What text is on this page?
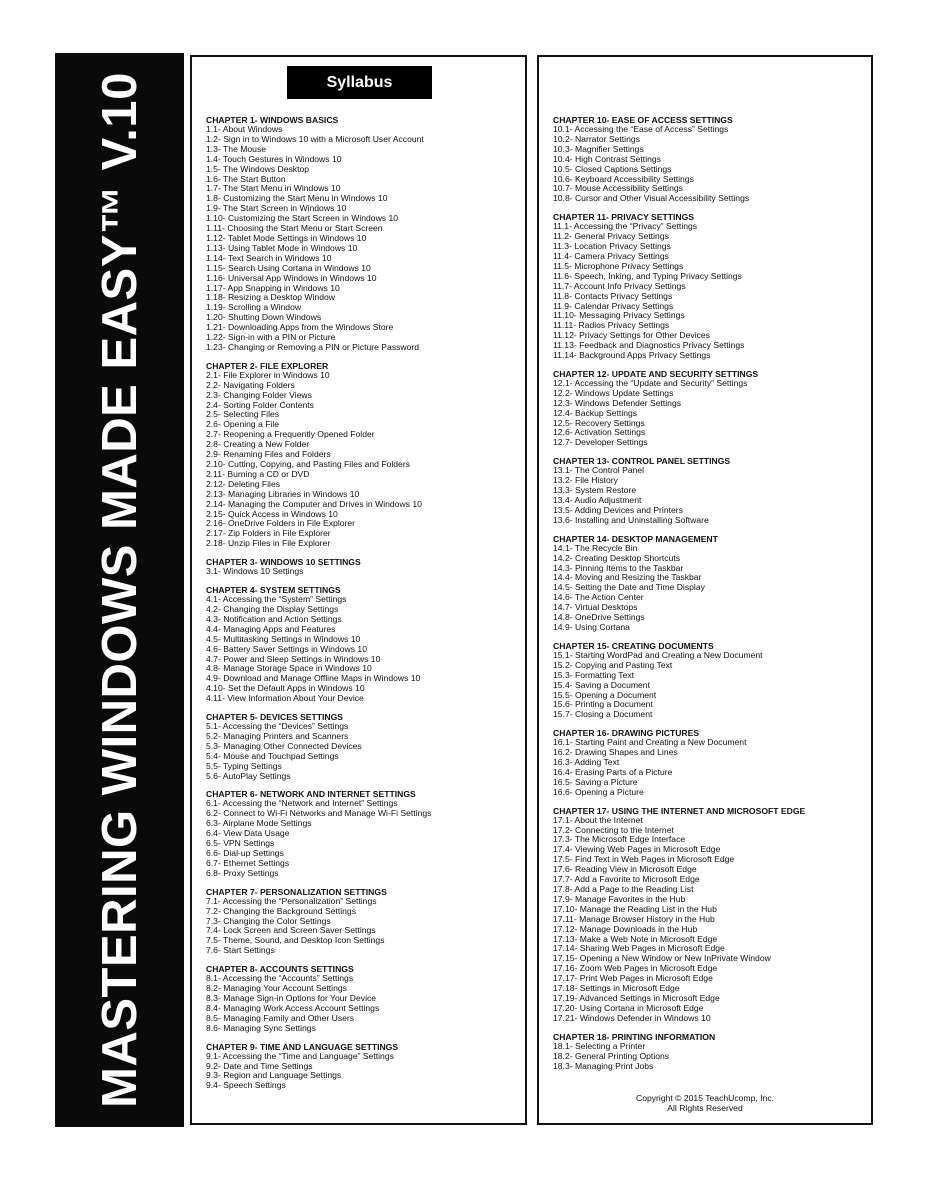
MASTERING WINDOWS MADE EASY™ V.10	Syllabus
CHAPTER 1- WINDOWS BASICS
1.1- About Windows
1.2- Sign in to Windows 10 with a Microsoft User Account
1.3- The Mouse
1.4- Touch Gestures in Windows 10
1.5- The Windows Desktop
1.6- The Start Button
1.7- The Start Menu in Windows 10
1.8- Customizing the Start Menu in Windows 10
1.9- The Start Screen in Windows 10
1.10- Customizing the Start Screen in Windows 10
1.11- Choosing the Start Menu or Start Screen
1.12- Tablet Mode Settings in Windows 10
1.13- Using Tablet Mode in Windows 10
1.14- Text Search in Windows 10
1.15- Search Using Cortana in Windows 10
1.16- Universal App Windows in Windows 10
1.17- App Snapping in Windows 10
1.18- Resizing a Desktop Window
1.19- Scrolling a Window
1.20- Shutting Down Windows
1.21- Downloading Apps from the Windows Store
1.22- Sign-in with a PIN or Picture
1.23- Changing or Removing a PIN or Picture Password
CHAPTER 2- FILE EXPLORER
2.1- File Explorer in Windows 10
2.2- Navigating Folders
2.3- Changing Folder Views
2.4- Sorting Folder Contents
2.5- Selecting Files
2.6- Opening a File
2.7- Reopening a Frequently Opened Folder
2.8- Creating a New Folder
2.9- Renaming Files and Folders
2.10- Cutting, Copying, and Pasting Files and Folders
2.11- Burning a CD or DVD
2.12- Deleting Files
2.13- Managing Libraries in Windows 10
2.14- Managing the Computer and Drives in Windows 10
2.15- Quick Access in Windows 10
2.16- OneDrive Folders in File Explorer
2.17- Zip Folders in File Explorer
2.18- Unzip Files in File Explorer
CHAPTER 3- WINDOWS 10 SETTINGS
3.1- Windows 10 Settings
CHAPTER 4- SYSTEM SETTINGS
4.1- Accessing the “System” Settings
4.2- Changing the Display Settings
4.3- Notification and Action Settings
4.4- Managing Apps and Features
4.5- Multitasking Settings in Windows 10
4.6- Battery Saver Settings in Windows 10
4.7- Power and Sleep Settings in Windows 10
4.8- Manage Storage Space in Windows 10
4.9- Download and Manage Offline Maps in Windows 10
4.10- Set the Default Apps in Windows 10
4.11- View Information About Your Device
CHAPTER 5- DEVICES SETTINGS
5.1- Accessing the “Devices” Settings
5.2- Managing Printers and Scanners
5.3- Managing Other Connected Devices
5.4- Mouse and Touchpad Settings
5.5- Typing Settings
5.6- AutoPlay Settings
CHAPTER 6- NETWORK AND INTERNET SETTINGS
6.1- Accessing the “Network and Internet” Settings
6.2- Connect to Wi-Fi Networks and Manage Wi-Fi Settings
6.3- Airplane Mode Settings
6.4- View Data Usage
6.5- VPN Settings
6.6- Dial-up Settings
6.7- Ethernet Settings
6.8- Proxy Settings
CHAPTER 7- PERSONALIZATION SETTINGS
7.1- Accessing the “Personalization” Settings
7.2- Changing the Background Settings
7.3- Changing the Color Settings
7.4- Lock Screen and Screen Saver Settings
7.5- Theme, Sound, and Desktop Icon Settings
7.6- Start Settings
CHAPTER 8- ACCOUNTS SETTINGS
8.1- Accessing the “Accounts” Settings
8.2- Managing Your Account Settings
8.3- Manage Sign-in Options for Your Device
8.4- Managing Work Access Account Settings
8.5- Managing Family and Other Users
8.6- Managing Sync Settings
CHAPTER 9- TIME AND LANGUAGE SETTINGS
9.1- Accessing the “Time and Language” Settings
9.2- Date and Time Settings
9.3- Region and Language Settings
9.4- Speech Settings
CHAPTER 10- EASE OF ACCESS SETTINGS
10.1- Accessing the “Ease of Access” Settings
10.2- Narrator Settings
10.3- Magnifier Settings
10.4- High Contrast Settings
10.5- Closed Captions Settings
10.6- Keyboard Accessibility Settings
10.7- Mouse Accessibility Settings
10.8- Cursor and Other Visual Accessibility Settings
CHAPTER 11- PRIVACY SETTINGS
11.1- Accessing the “Privacy” Settings
11.2- General Privacy Settings
11.3- Location Privacy Settings
11.4- Camera Privacy Settings
11.5- Microphone Privacy Settings
11.6- Speech, Inking, and Typing Privacy Settings
11.7- Account Info Privacy Settings
11.8- Contacts Privacy Settings
11.9- Calendar Privacy Settings
11.10- Messaging Privacy Settings
11.11- Radios Privacy Settings
11.12- Privacy Settings for Other Devices
11.13- Feedback and Diagnostics Privacy Settings
11.14- Background Apps Privacy Settings
CHAPTER 12- UPDATE AND SECURITY SETTINGS
12.1- Accessing the “Update and Security” Settings
12.2- Windows Update Settings
12.3- Windows Defender Settings
12.4- Backup Settings
12.5- Recovery Settings
12.6- Activation Settings
12.7- Developer Settings
CHAPTER 13- CONTROL PANEL SETTINGS
13.1- The Control Panel
13.2- File History
13.3- System Restore
13.4- Audio Adjustment
13.5- Adding Devices and Printers
13.6- Installing and Uninstalling Software
CHAPTER 14- DESKTOP MANAGEMENT
14.1- The Recycle Bin
14.2- Creating Desktop Shortcuts
14.3- Pinning Items to the Taskbar
14.4- Moving and Resizing the Taskbar
14.5- Setting the Date and Time Display
14.6- The Action Center
14.7- Virtual Desktops
14.8- OneDrive Settings
14.9- Using Cortana
CHAPTER 15- CREATING DOCUMENTS
15.1- Starting WordPad and Creating a New Document
15.2- Copying and Pasting Text
15.3- Formatting Text
15.4- Saving a Document
15.5- Opening a Document
15.6- Printing a Document
15.7- Closing a Document
CHAPTER 16- DRAWING PICTURES
16.1- Starting Paint and Creating a New Document
16.2- Drawing Shapes and Lines
16.3- Adding Text
16.4- Erasing Parts of a Picture
16.5- Saving a Picture
16.6- Opening a Picture
CHAPTER 17- USING THE INTERNET AND MICROSOFT EDGE
17.1- About the Internet
17.2- Connecting to the Internet
17.3- The Microsoft Edge Interface
17.4- Viewing Web Pages in Microsoft Edge
17.5- Find Text in Web Pages in Microsoft Edge
17.6- Reading View in Microsoft Edge
17.7- Add a Favorite to Microsoft Edge
17.8- Add a Page to the Reading List
17.9- Manage Favorites in the Hub
17.10- Manage the Reading List in the Hub
17.11- Manage Browser History in the Hub
17.12- Manage Downloads in the Hub
17.13- Make a Web Note in Microsoft Edge
17.14- Sharing Web Pages in Microsoft Edge
17.15- Opening a New Window or New InPrivate Window
17.16- Zoom Web Pages in Microsoft Edge
17.17- Print Web Pages in Microsoft Edge
17.18- Settings in Microsoft Edge
17.19- Advanced Settings in Microsoft Edge
17.20- Using Cortana in Microsoft Edge
17.21- Windows Defender in Windows 10
CHAPTER 18- PRINTING INFORMATION
18.1- Selecting a Printer
18.2- General Printing Options
18.3- Managing Print Jobs
Copyright © 2015 TeachUcomp, Inc.
All Rights Reserved
